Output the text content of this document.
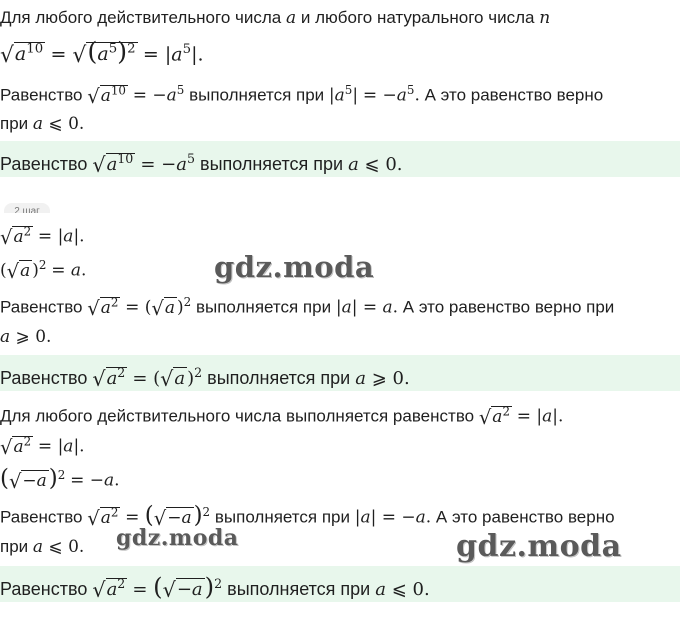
Для любого действительного числа a и любого натурального числа n
$√a^{10} = √(a^5)^2 = |a^5|$.
Равенство $√a^{10} = -a^5$ выполняется при $|a^5| = -a^5$. А это равенство верно
при a ⩽ 0.
Равенство $√a^{10} = -a^5$ выполняется при a ⩽ 0.
2 шаг
$√a^2 = |a|$.
(√a )$^2$ = a.
Равенство $√a^2 = (√a$ )$^2$ выполняется при |a| = a. А это равенство верно при
a ⩾ 0.
Равенство $√a^2 = (√a$ )$^2$ выполняется при a ⩾ 0.
Для любого действительного числа выполняется равенство $√a^2 = |a|$.
$√a^2 = |a|$.
$(√-a)^2 = -a$.
Равенство $√a^2 = (√-a)^2$ выполняется при |a| = −a. А это равенство верно
при a ⩽ 0.
Равенство $√a^2 = (√-a)^2$ выполняется при a ⩽ 0.
gdz.moda
gdz.moda	gdz.moda
